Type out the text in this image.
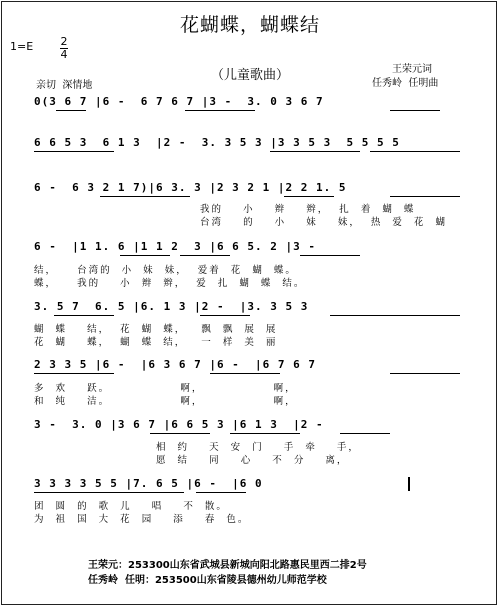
花蝴蝶，蝴蝶结
1=E 2
4
（儿童歌曲）	王荣元词
任秀岭  任明曲
亲切  深情地
0(3 6 7 |6 -  6 7 6 7 |3 -  3. 0 3 6 7
6 6 5 3  6 1 3  |2 -  3. 3 5 3 |3 3 5 3  5 5 5 5
6 -  6 3 2 1 7)|6 3. 3 |2 3 2 1 |2 2 1. 5
我的    小    辫    辫，  扎  着  蝴  蝶
台湾    的    小    妹    妹，  热  爱  花  蝴
6 -  |1 1. 6 |1 1 2  3 |6 6 5. 2 |3 -
结，    台湾的  小  妹  妹，  爱着  花  蝴  蝶。
蝶，    我的    小  辫  辫，  爱  扎  蝴  蝶  结。
3. 5 7  6. 5 |6. 1 3 |2 -  |3. 3 5 3
蝴  蝶    结，  花  蝴  蝶，   飘  飘  展  展
花  蝴    蝶，  蝴  蝶  结，   一  样  美  丽
2 3 3 5 |6 -  |6 3 6 7 |6 -  |6 7 6 7
多  欢    跃。              啊，              啊，
和  纯    洁。              啊，              啊，
3 -  3. 0 |3 6 7 |6 6 5 3 |6 1 3  |2 -
相  约    天  安  门    手  牵    手，
愿  结    同    心    不  分    离，
3 3 3 3 5 5 |7. 6 5 |6 -  |6 0
团  圆  的  歌  儿    唱    不  散。
为  祖  国  大  花  园    添    春  色。
王荣元：253300山东省武城县新城向阳北路惠民里西二排2号
任秀岭  任明：253500山东省陵县德州幼儿师范学校
